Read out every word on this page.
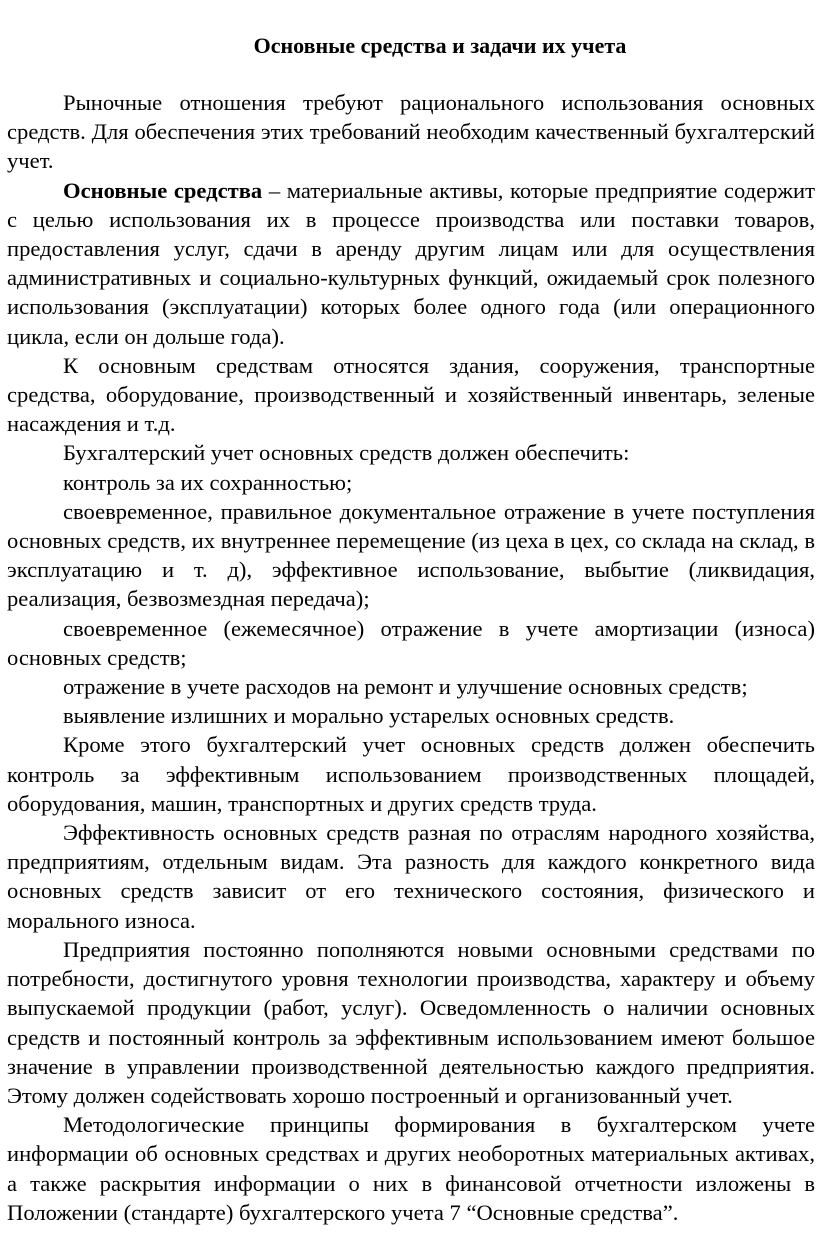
Основные средства и задачи их учета

Рыночные отношения требуют рационального использования основных средств. Для обеспечения этих требований необходим качественный бухгалтерский учет.

Основные средства – материальные активы, которые предприятие содержит с целью использования их в процессе производства или поставки товаров, предоставления услуг, сдачи в аренду другим лицам или для осуществления административных и социально-культурных функций, ожидаемый срок полезного использования (эксплуатации) которых более одного года (или операционного цикла, если он дольше года).

К основным средствам относятся здания, сооружения, транспортные средства, оборудование, производственный и хозяйственный инвентарь, зеленые насаждения и т.д.

Бухгалтерский учет основных средств должен обеспечить:

контроль за их сохранностью;

своевременное, правильное документальное отражение в учете поступления основных средств, их внутреннее перемещение (из цеха в цех, со склада на склад, в эксплуатацию и т. д), эффективное использование, выбытие (ликвидация, реализация, безвозмездная передача);

своевременное (ежемесячное) отражение в учете амортизации (износа) основных средств;

отражение в учете расходов на ремонт и улучшение основных средств;

выявление излишних и морально устарелых основных средств.

Кроме этого бухгалтерский учет основных средств должен обеспечить контроль за эффективным использованием производственных площадей, оборудования, машин, транспортных и других средств труда.

Эффективность основных средств разная по отраслям народного хозяйства, предприятиям, отдельным видам. Эта разность для каждого конкретного вида основных средств зависит от его технического состояния, физического и морального износа.

Предприятия постоянно пополняются новыми основными средствами по потребности, достигнутого уровня технологии производства, характеру и объему выпускаемой продукции (работ, услуг). Осведомленность о наличии основных средств и постоянный контроль за эффективным использованием имеют большое значение в управлении производственной деятельностью каждого предприятия. Этому должен содействовать хорошо построенный и организованный учет.

Методологические принципы формирования в бухгалтерском учете информации об основных средствах и других необоротных материальных активах, а также раскрытия информации о них в финансовой отчетности изложены в Положении (стандарте) бухгалтерского учета 7 “Основные средства”.
